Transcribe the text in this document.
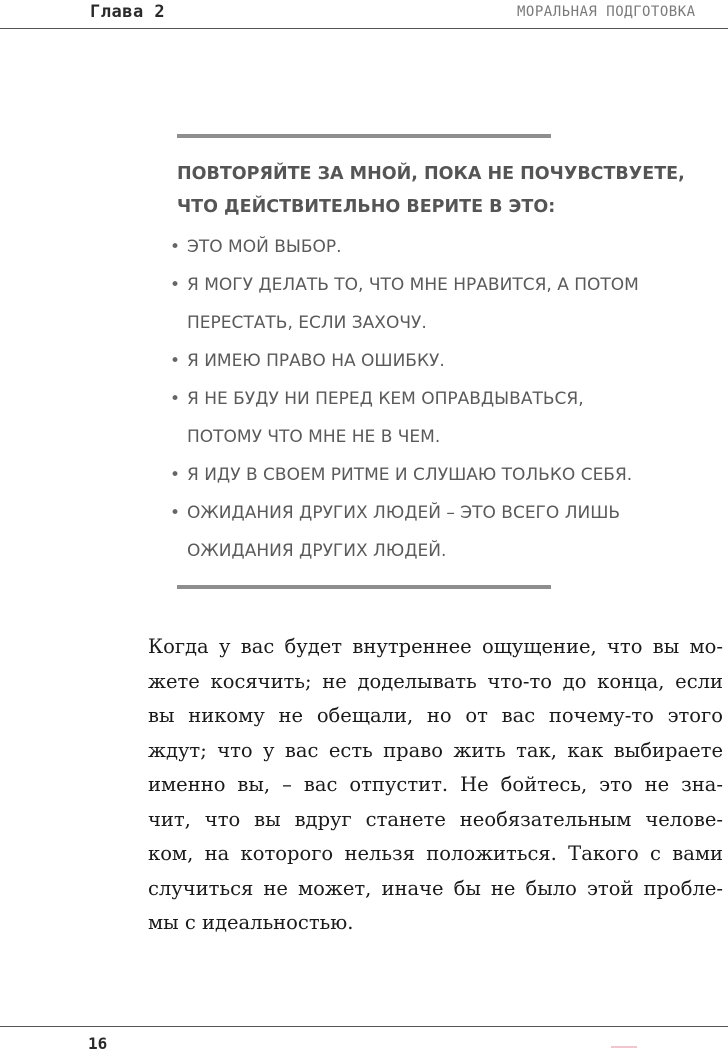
Глава 2	МОРАЛЬНАЯ ПОДГОТОВКА
ПОВТОРЯЙТЕ ЗА МНОЙ, ПОКА НЕ ПОЧУВСТВУЕТЕ,
ЧТО ДЕЙСТВИТЕЛЬНО ВЕРИТЕ В ЭТО:
• ЭТО МОЙ ВЫБОР.
• Я МОГУ ДЕЛАТЬ ТО, ЧТО МНЕ НРАВИТСЯ, А ПОТОМ
ПЕРЕСТАТЬ, ЕСЛИ ЗАХОЧУ.
• Я ИМЕЮ ПРАВО НА ОШИБКУ.
• Я НЕ БУДУ НИ ПЕРЕД КЕМ ОПРАВДЫВАТЬСЯ,
ПОТОМУ ЧТО МНЕ НЕ В ЧЕМ.
• Я ИДУ В СВОЕМ РИТМЕ И СЛУШАЮ ТОЛЬКО СЕБЯ.
• ОЖИДАНИЯ ДРУГИХ ЛЮДЕЙ – ЭТО ВСЕГО ЛИШЬ
ОЖИДАНИЯ ДРУГИХ ЛЮДЕЙ.
Когда у вас будет внутреннее ощущение, что вы мо-
жете косячить; не доделывать что-то до конца, если
вы никому не обещали, но от вас почему-то этого
ждут; что у вас есть право жить так, как выбираете
именно вы, – вас отпустит. Не бойтесь, это не зна-
чит, что вы вдруг станете необязательным челове-
ком, на которого нельзя положиться. Такого с вами
случиться не может, иначе бы не было этой пробле-
мы с идеальностью.
16
